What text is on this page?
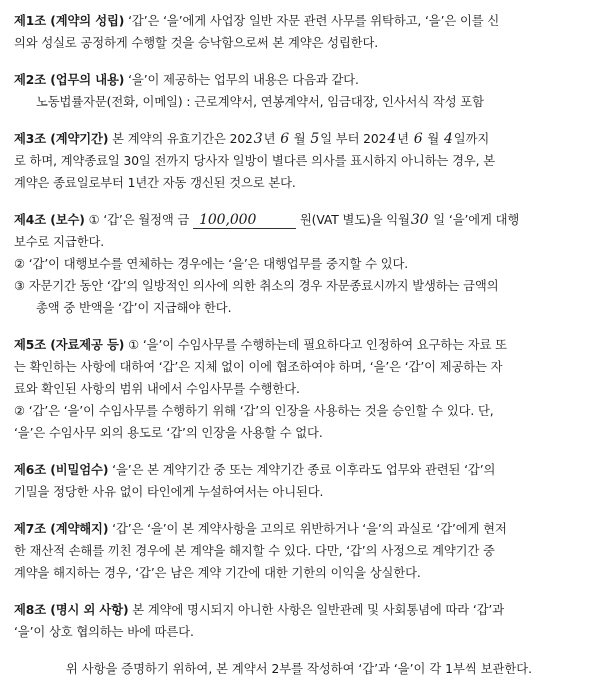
제1조 (계약의 성립) ‘갑’은 ‘을’에게 사업장 일반 자문 관련 사무를 위탁하고, ‘을’은 이를 신
의와 성실로 공정하게 수행할 것을 승낙함으로써 본 계약은 성립한다.
제2조 (업무의 내용) ‘을’이 제공하는 업무의 내용은 다음과 같다.
노동법률자문(전화, 이메일) : 근로계약서, 연봉계약서, 임금대장, 인사서식 작성 포함
제3조 (계약기간) 본 계약의 유효기간은 2023년 6 월 5일 부터 2024년 6 월 4일까지
로 하며, 계약종료일 30일 전까지 당사자 일방이 별다른 의사를 표시하지 아니하는 경우, 본
계약은 종료일로부터 1년간 자동 갱신된 것으로 본다.
제4조 (보수) ① ‘갑’은 월정액 금 100,000	원(VAT 별도)을 익월30 일 ‘을’에게 대행
보수로 지급한다.
② ‘갑’이 대행보수를 연체하는 경우에는 ‘을’은 대행업무를 중지할 수 있다.
③ 자문기간 동안 ‘갑’의 일방적인 의사에 의한 취소의 경우 자문종료시까지 발생하는 금액의
총액 중 반액을 ‘갑’이 지급해야 한다.
제5조 (자료제공 등) ① ‘을’이 수임사무를 수행하는데 필요하다고 인정하여 요구하는 자료 또
는 확인하는 사항에 대하여 ‘갑’은 지체 없이 이에 협조하여야 하며, ‘을’은 ‘갑’이 제공하는 자
료와 확인된 사항의 범위 내에서 수임사무를 수행한다.
② ‘갑’은 ‘을’이 수임사무를 수행하기 위해 ‘갑’의 인장을 사용하는 것을 승인할 수 있다. 단,
‘을’은 수임사무 외의 용도로 ‘갑’의 인장을 사용할 수 없다.
제6조 (비밀엄수) ‘을’은 본 계약기간 중 또는 계약기간 종료 이후라도 업무와 관련된 ‘갑’의
기밀을 정당한 사유 없이 타인에게 누설하여서는 아니된다.
제7조 (계약해지) ‘갑’은 ‘을’이 본 계약사항을 고의로 위반하거나 ‘을’의 과실로 ‘갑’에게 현저
한 재산적 손해를 끼친 경우에 본 계약을 해지할 수 있다. 다만, ‘갑’의 사정으로 계약기간 중
계약을 해지하는 경우, ‘갑’은 남은 계약 기간에 대한 기한의 이익을 상실한다.
제8조 (명시 외 사항) 본 계약에 명시되지 아니한 사항은 일반관례 및 사회통념에 따라 ‘갑’과
‘을’이 상호 협의하는 바에 따른다.
위 사항을 증명하기 위하여, 본 계약서 2부를 작성하여 ‘갑’과 ‘을’이 각 1부씩 보관한다.
